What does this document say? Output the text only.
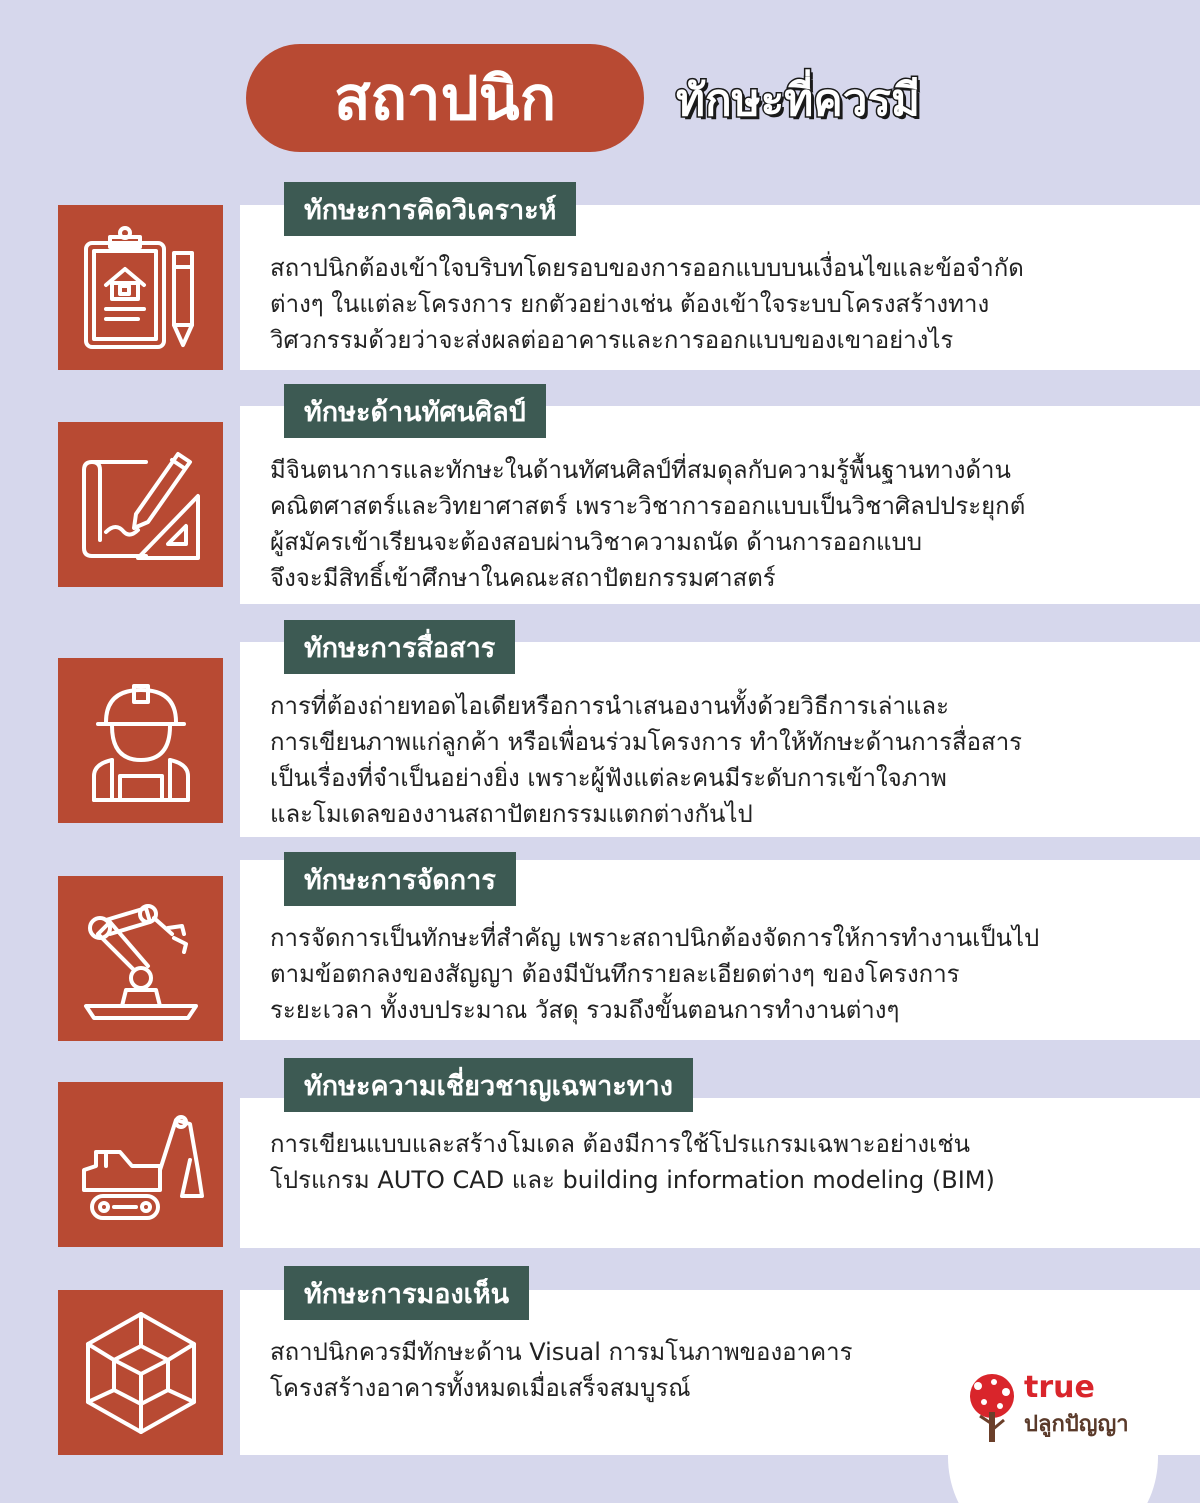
สถาปนิก	ทักษะที่ควรมี
ทักษะการคิดวิเคราะห์
สถาปนิกต้องเข้าใจบริบทโดยรอบของการออกแบบบนเงื่อนไขและข้อจำกัด
ต่างๆ ในแต่ละโครงการ ยกตัวอย่างเช่น ต้องเข้าใจระบบโครงสร้างทาง
วิศวกรรมด้วยว่าจะส่งผลต่ออาคารและการออกแบบของเขาอย่างไร
ทักษะด้านทัศนศิลป์
มีจินตนาการและทักษะในด้านทัศนศิลป์ที่สมดุลกับความรู้พื้นฐานทางด้าน
คณิตศาสตร์และวิทยาศาสตร์ เพราะวิชาการออกแบบเป็นวิชาศิลปประยุกต์
ผู้สมัครเข้าเรียนจะต้องสอบผ่านวิชาความถนัด ด้านการออกแบบ
จึงจะมีสิทธิ์เข้าศึกษาในคณะสถาปัตยกรรมศาสตร์
ทักษะการสื่อสาร
การที่ต้องถ่ายทอดไอเดียหรือการนำเสนองานทั้งด้วยวิธีการเล่าและ
การเขียนภาพแก่ลูกค้า หรือเพื่อนร่วมโครงการ ทำให้ทักษะด้านการสื่อสาร
เป็นเรื่องที่จำเป็นอย่างยิ่ง เพราะผู้ฟังแต่ละคนมีระดับการเข้าใจภาพ
และโมเดลของงานสถาปัตยกรรมแตกต่างกันไป
ทักษะการจัดการ
การจัดการเป็นทักษะที่สำคัญ เพราะสถาปนิกต้องจัดการให้การทำงานเป็นไป
ตามข้อตกลงของสัญญา ต้องมีบันทึกรายละเอียดต่างๆ ของโครงการ
ระยะเวลา ทั้งงบประมาณ วัสดุ รวมถึงขั้นตอนการทำงานต่างๆ
ทักษะความเชี่ยวชาญเฉพาะทาง
การเขียนแบบและสร้างโมเดล ต้องมีการใช้โปรแกรมเฉพาะอย่างเช่น
โปรแกรม AUTO CAD และ building information modeling (BIM)
ทักษะการมองเห็น
สถาปนิกควรมีทักษะด้าน Visual การมโนภาพของอาคาร
โครงสร้างอาคารทั้งหมดเมื่อเสร็จสมบูรณ์	true
ปลูกปัญญา
